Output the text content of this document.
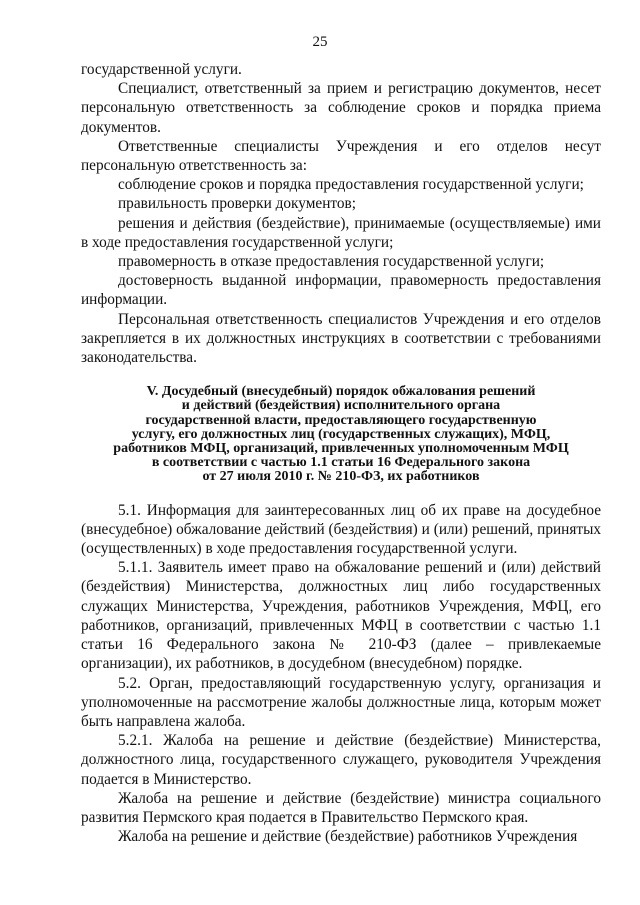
25

государственной услуги.

Специалист, ответственный за прием и регистрацию документов, несет персональную ответственность за соблюдение сроков и порядка приема документов.

Ответственные специалисты Учреждения и его отделов несут персональную ответственность за:

соблюдение сроков и порядка предоставления государственной услуги;

правильность проверки документов;

решения и действия (бездействие), принимаемые (осуществляемые) ими в ходе предоставления государственной услуги;

правомерность в отказе предоставления государственной услуги;

достоверность выданной информации, правомерность предоставления информации.

Персональная ответственность специалистов Учреждения и его отделов закрепляется в их должностных инструкциях в соответствии с требованиями законодательства.

V. Досудебный (внесудебный) порядок обжалования решений
и действий (бездействия) исполнительного органа
государственной власти, предоставляющего государственную
услугу, его должностных лиц (государственных служащих), МФЦ,
работников МФЦ, организаций, привлеченных уполномоченным МФЦ
в соответствии с частью 1.1 статьи 16 Федерального закона
от 27 июля 2010 г. № 210-ФЗ, их работников

5.1. Информация для заинтересованных лиц об их праве на досудебное (внесудебное) обжалование действий (бездействия) и (или) решений, принятых (осуществленных) в ходе предоставления государственной услуги.

5.1.1. Заявитель имеет право на обжалование решений и (или) действий (бездействия) Министерства, должностных лиц либо государственных служащих Министерства, Учреждения, работников Учреждения, МФЦ, его работников, организаций, привлеченных МФЦ в соответствии с частью 1.1 статьи 16 Федерального закона № 210-ФЗ (далее – привлекаемые организации), их работников, в досудебном (внесудебном) порядке.

5.2. Орган, предоставляющий государственную услугу, организация и уполномоченные на рассмотрение жалобы должностные лица, которым может быть направлена жалоба.

5.2.1. Жалоба на решение и действие (бездействие) Министерства, должностного лица, государственного служащего, руководителя Учреждения подается в Министерство.

Жалоба на решение и действие (бездействие) министра социального развития Пермского края подается в Правительство Пермского края.

Жалоба на решение и действие (бездействие) работников Учреждения
